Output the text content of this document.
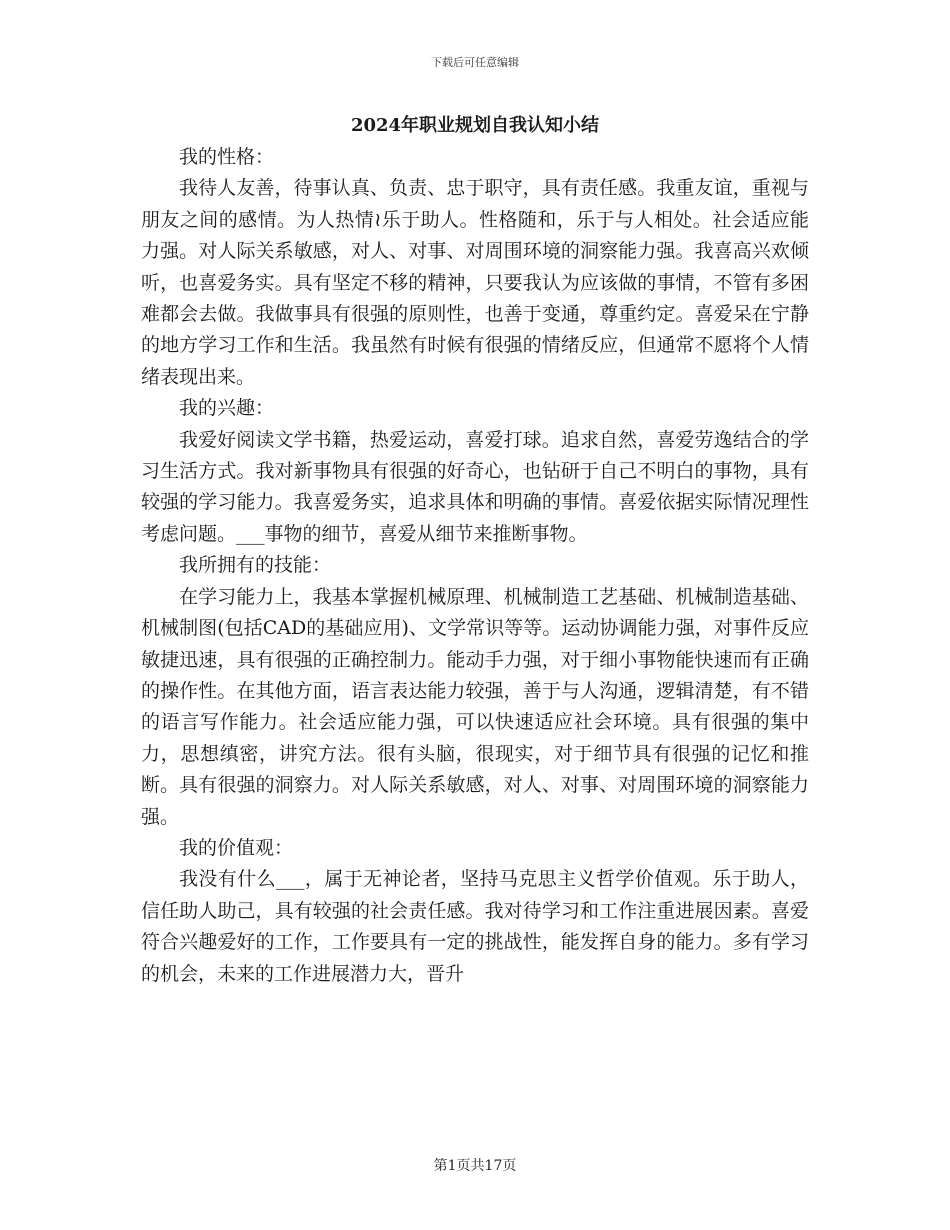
下载后可任意编辑
2024年职业规划自我认知小结

我的性格：

我待人友善，待事认真、负责、忠于职守，具有责任感。我重友谊，重视与朋友之间的感情。为人热情≀乐于助人。性格随和，乐于与人相处。社会适应能力强。对人际关系敏感，对人、对事、对周围环境的洞察能力强。我喜高兴欢倾听，也喜爱务实。具有坚定不移的精神，只要我认为应该做的事情，不管有多困难都会去做。我做事具有很强的原则性，也善于变通，尊重约定。喜爱呆在宁静的地方学习工作和生活。我虽然有时候有很强的情绪反应，但通常不愿将个人情绪表现出来。

我的兴趣：

我爱好阅读文学书籍，热爱运动，喜爱打球。追求自然，喜爱劳逸结合的学习生活方式。我对新事物具有很强的好奇心，也钻研于自己不明白的事物，具有较强的学习能力。我喜爱务实，追求具体和明确的事情。喜爱依据实际情况理性考虑问题。___事物的细节，喜爱从细节来推断事物。

我所拥有的技能：

在学习能力上，我基本掌握机械原理、机械制造工艺基础、机械制造基础、机械制图(包括CAD的基础应用)、文学常识等等。运动协调能力强，对事件反应敏捷迅速，具有很强的正确控制力。能动手力强，对于细小事物能快速而有正确的操作性。在其他方面，语言表达能力较强，善于与人沟通，逻辑清楚，有不错的语言写作能力。社会适应能力强，可以快速适应社会环境。具有很强的集中力，思想缜密，讲究方法。很有头脑，很现实，对于细节具有很强的记忆和推断。具有很强的洞察力。对人际关系敏感，对人、对事、对周围环境的洞察能力强。

我的价值观：

我没有什么___，属于无神论者，坚持马克思主义哲学价值观。乐于助人，信任助人助己，具有较强的社会责任感。我对待学习和工作注重进展因素。喜爱符合兴趣爱好的工作，工作要具有一定的挑战性，能发挥自身的能力。多有学习的机会，未来的工作进展潜力大，晋升

第1页共17页
